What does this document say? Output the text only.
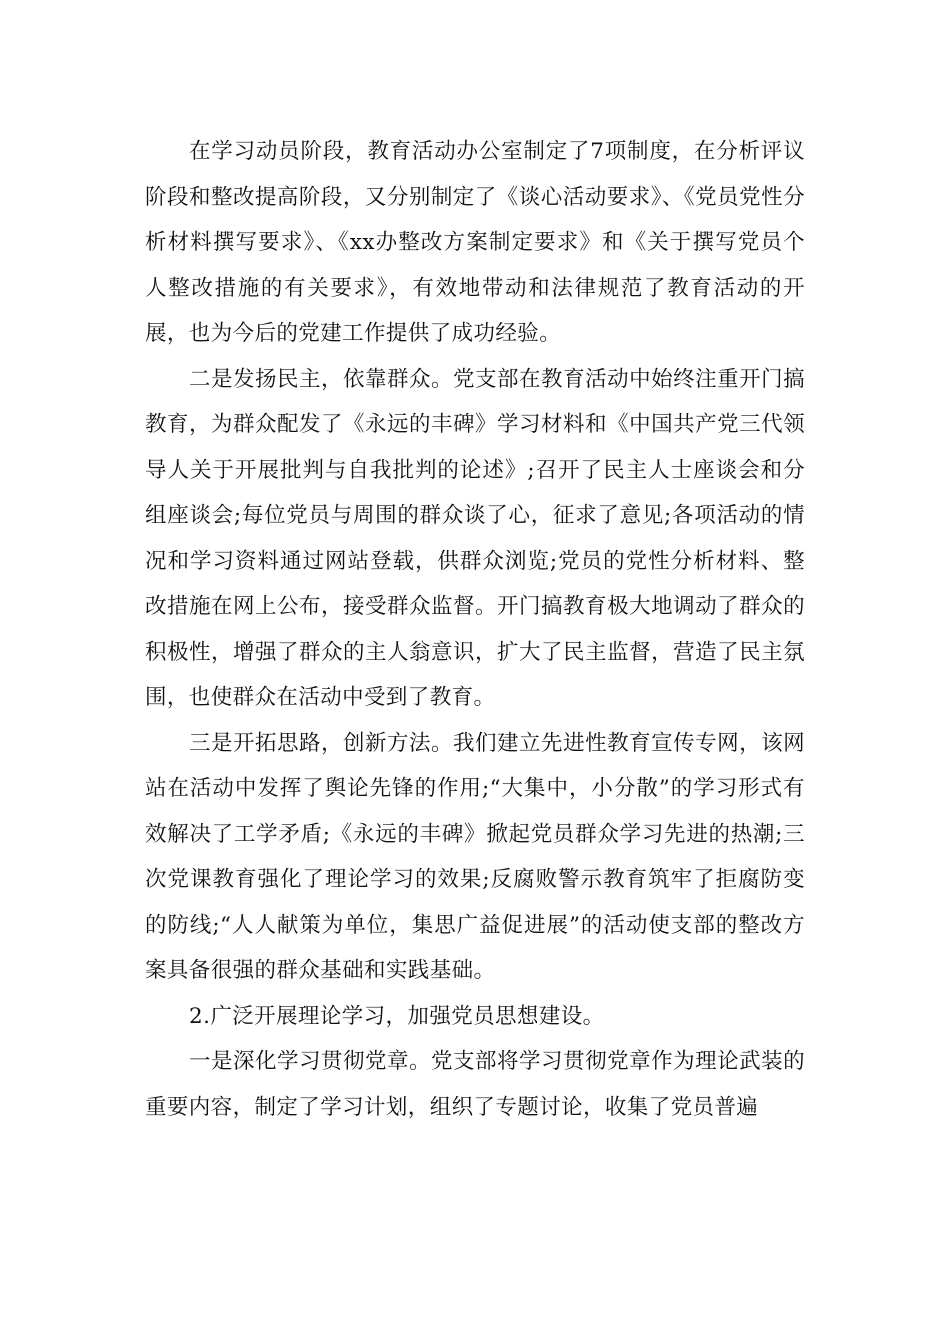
在学习动员阶段，教育活动办公室制定了7项制度，在分析评议阶段和整改提高阶段，又分别制定了《谈心活动要求》、《党员党性分析材料撰写要求》、《xx办整改方案制定要求》和《关于撰写党员个人整改措施的有关要求》，有效地带动和法律规范了教育活动的开展，也为今后的党建工作提供了成功经验。

二是发扬民主，依靠群众。党支部在教育活动中始终注重开门搞教育，为群众配发了《永远的丰碑》学习材料和《中国共产党三代领导人关于开展批判与自我批判的论述》;召开了民主人士座谈会和分组座谈会;每位党员与周围的群众谈了心，征求了意见;各项活动的情况和学习资料通过网站登载，供群众浏览;党员的党性分析材料、整改措施在网上公布，接受群众监督。开门搞教育极大地调动了群众的积极性，增强了群众的主人翁意识，扩大了民主监督，营造了民主氛围，也使群众在活动中受到了教育。

三是开拓思路，创新方法。我们建立先进性教育宣传专网，该网站在活动中发挥了舆论先锋的作用;“大集中，小分散”的学习形式有效解决了工学矛盾;《永远的丰碑》掀起党员群众学习先进的热潮;三次党课教育强化了理论学习的效果;反腐败警示教育筑牢了拒腐防变的防线;“人人献策为单位，集思广益促进展”的活动使支部的整改方案具备很强的群众基础和实践基础。

2.广泛开展理论学习，加强党员思想建设。

一是深化学习贯彻党章。党支部将学习贯彻党章作为理论武装的重要内容，制定了学习计划，组织了专题讨论，收集了党员普遍
